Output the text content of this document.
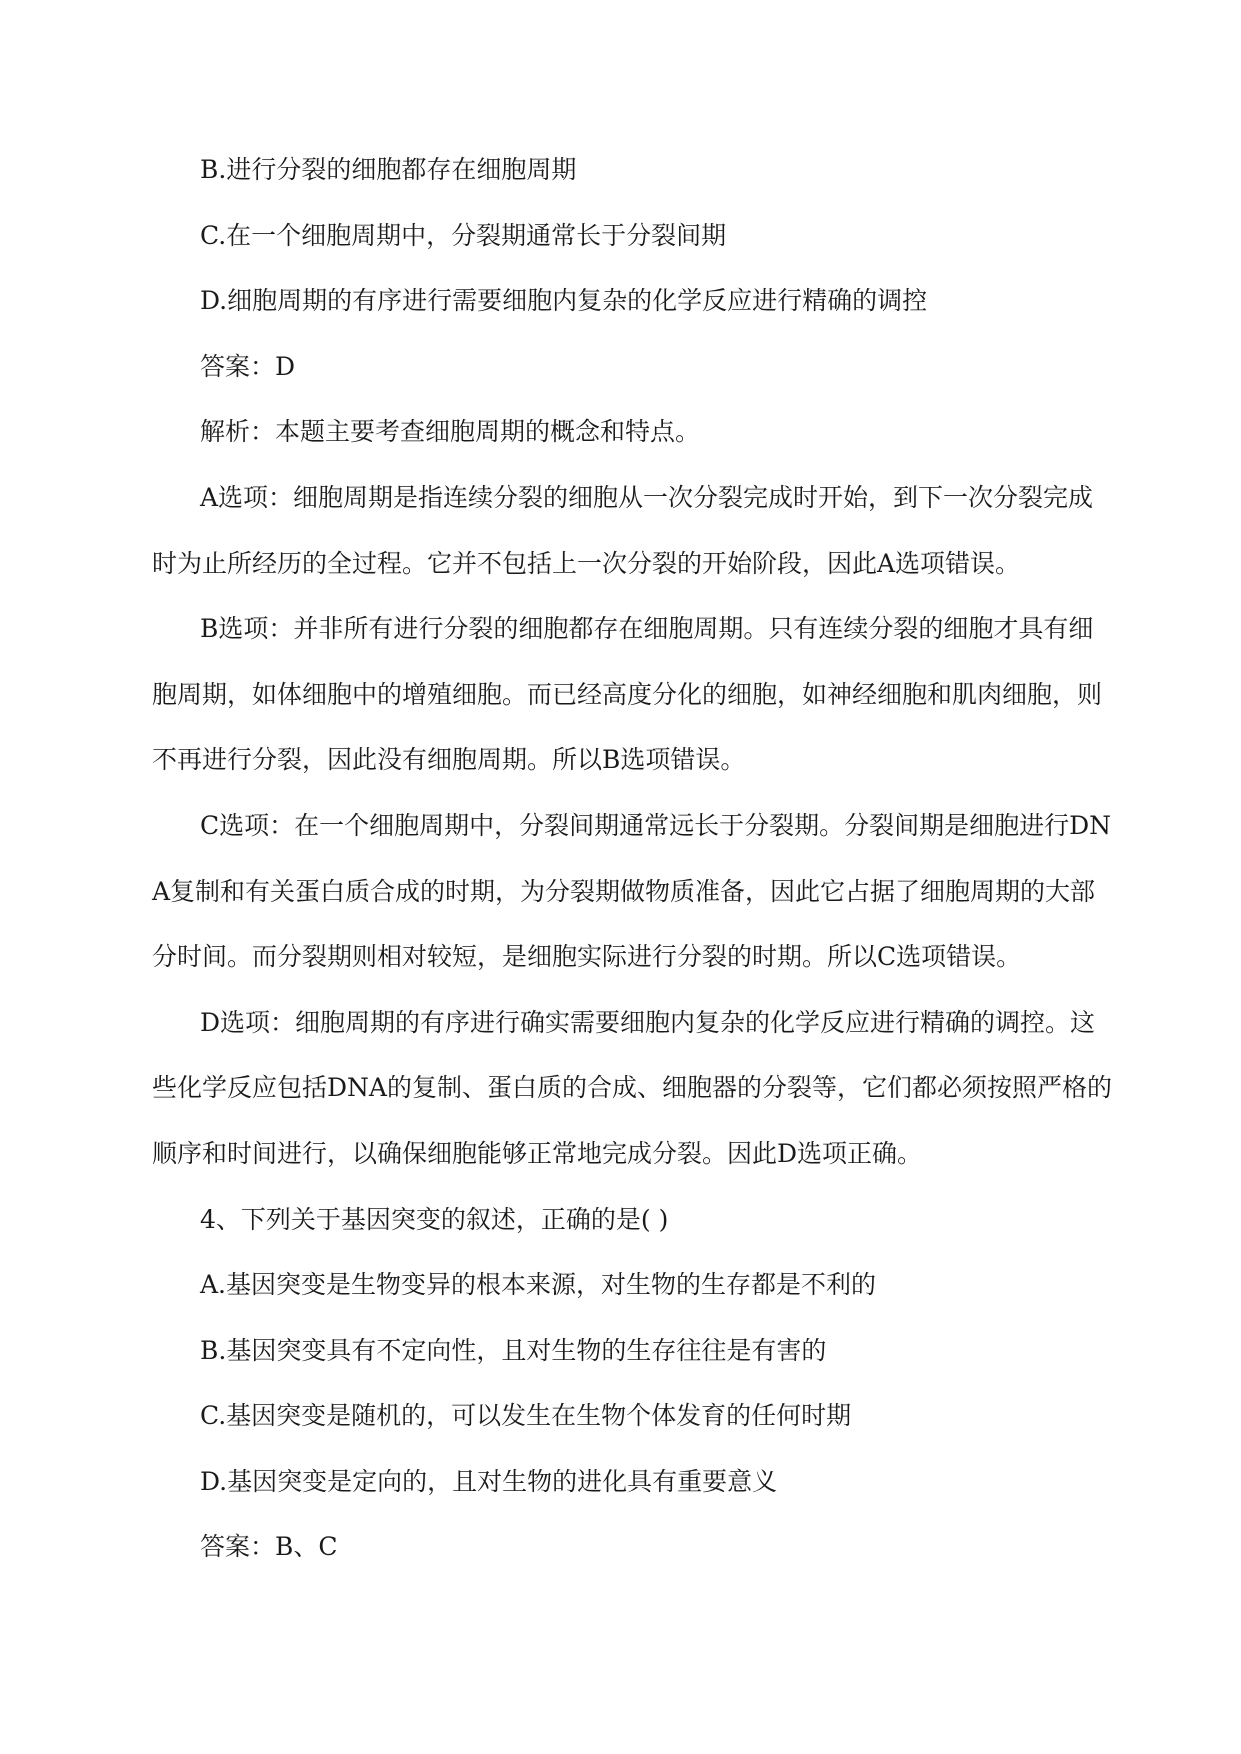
B.进行分裂的细胞都存在细胞周期

C.在一个细胞周期中，分裂期通常长于分裂间期

D.细胞周期的有序进行需要细胞内复杂的化学反应进行精确的调控

答案：D

解析：本题主要考查细胞周期的概念和特点。

A选项：细胞周期是指连续分裂的细胞从一次分裂完成时开始，到下一次分裂完成

时为止所经历的全过程。它并不包括上一次分裂的开始阶段，因此A选项错误。

B选项：并非所有进行分裂的细胞都存在细胞周期。只有连续分裂的细胞才具有细

胞周期，如体细胞中的增殖细胞。而已经高度分化的细胞，如神经细胞和肌肉细胞，则

不再进行分裂，因此没有细胞周期。所以B选项错误。

C选项：在一个细胞周期中，分裂间期通常远长于分裂期。分裂间期是细胞进行DN

A复制和有关蛋白质合成的时期，为分裂期做物质准备，因此它占据了细胞周期的大部

分时间。而分裂期则相对较短，是细胞实际进行分裂的时期。所以C选项错误。

D选项：细胞周期的有序进行确实需要细胞内复杂的化学反应进行精确的调控。这

些化学反应包括DNA的复制、蛋白质的合成、细胞器的分裂等，它们都必须按照严格的

顺序和时间进行，以确保细胞能够正常地完成分裂。因此D选项正确。

4、下列关于基因突变的叙述，正确的是( )

A.基因突变是生物变异的根本来源，对生物的生存都是不利的

B.基因突变具有不定向性，且对生物的生存往往是有害的

C.基因突变是随机的，可以发生在生物个体发育的任何时期

D.基因突变是定向的，且对生物的进化具有重要意义

答案：B、C
